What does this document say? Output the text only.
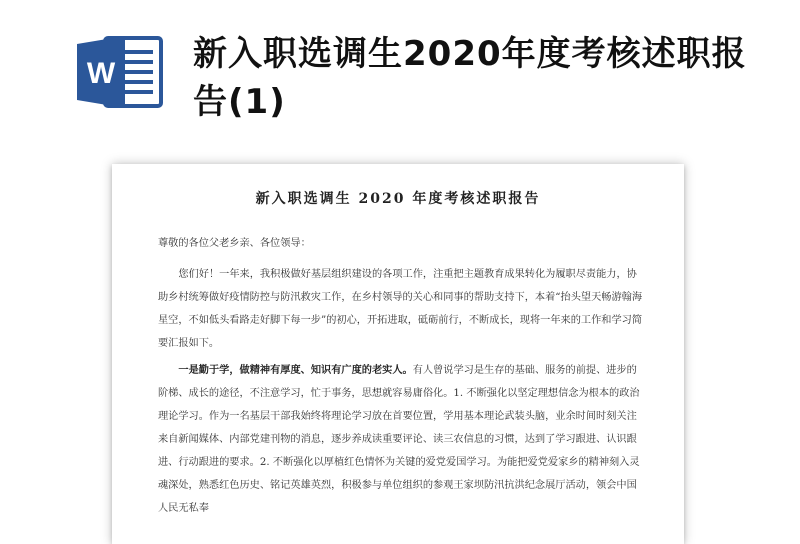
W 新入职选调生2020年度考核述职报告(1)
新入职选调生 2020 年度考核述职报告

尊敬的各位父老乡亲、各位领导：

您们好！一年来，我积极做好基层组织建设的各项工作，注重把主题教育成果转化为履职尽责能力，协助乡村统筹做好疫情防控与防汛救灾工作，在乡村领导的关心和同事的帮助支持下，本着“抬头望天畅游翰海星空，不如低头看路走好脚下每一步”的初心，开拓进取，砥砺前行，不断成长，现将一年来的工作和学习简要汇报如下。

一是勤于学，做精神有厚度、知识有广度的老实人。有人曾说学习是生存的基础、服务的前提、进步的阶梯、成长的途径，不注意学习，忙于事务，思想就容易庸俗化。1. 不断强化以坚定理想信念为根本的政治理论学习。作为一名基层干部我始终将理论学习放在首要位置，学用基本理论武装头脑，业余时间时刻关注来自新闻媒体、内部党建刊物的消息，逐步养成读重要评论、读三农信息的习惯，达到了学习跟进、认识跟进、行动跟进的要求。2. 不断强化以厚植红色情怀为关键的爱党爱国学习。为能把爱党爱家乡的精神刻入灵魂深处，熟悉红色历史、铭记英雄英烈，积极参与单位组织的参观王家坝防汛抗洪纪念展厅活动，领会中国人民无私奉
